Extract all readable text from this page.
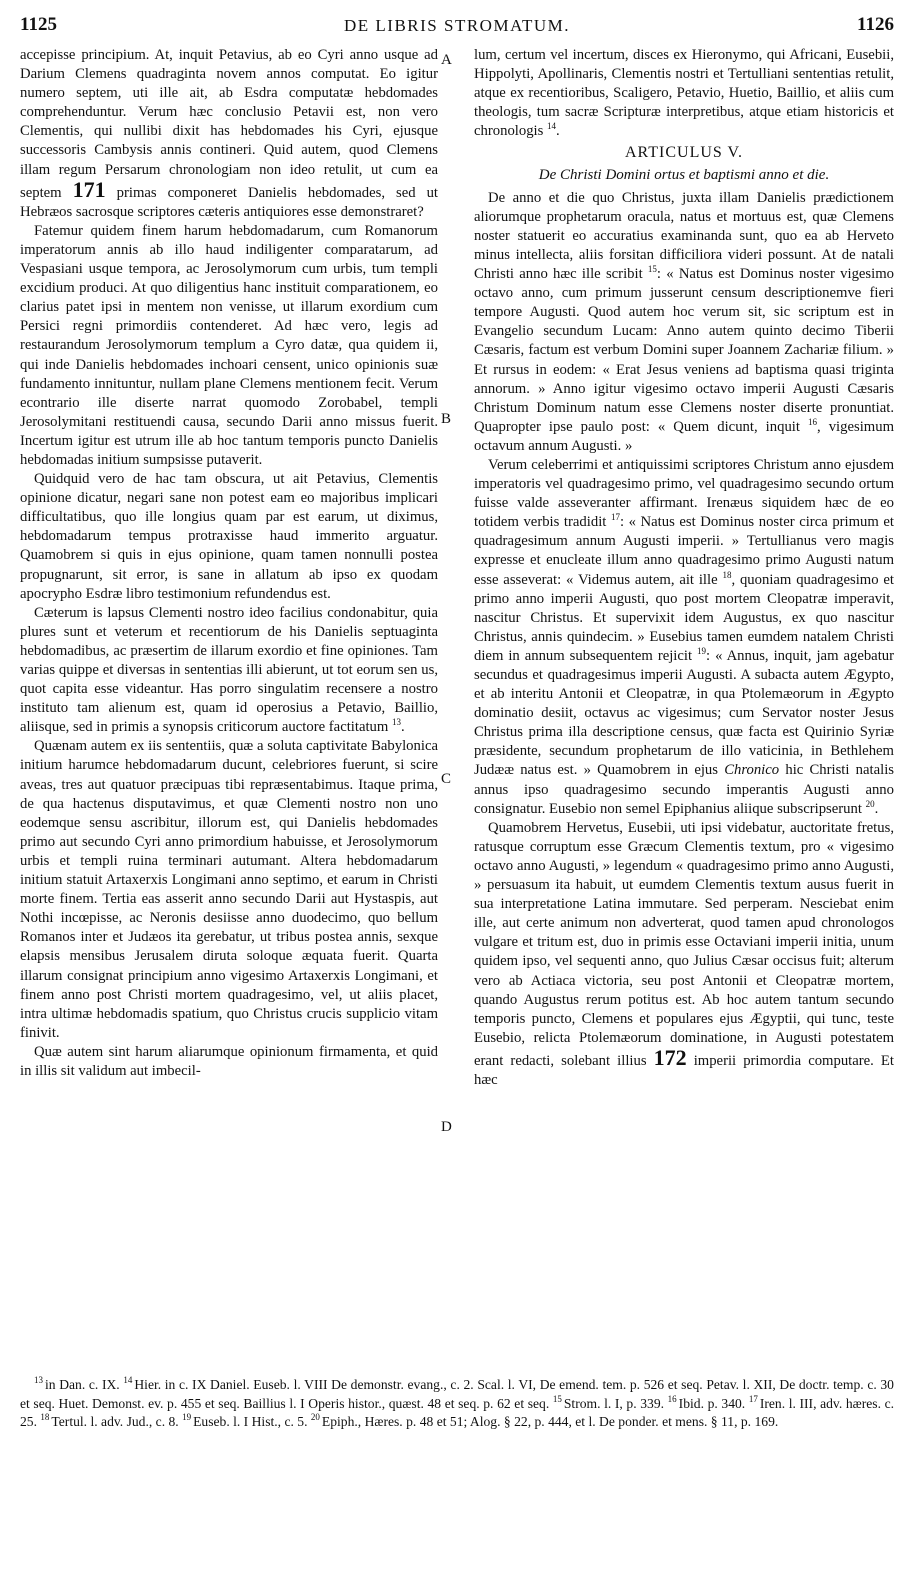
1125	DE LIBRIS STROMATUM.	1126
A
B
C
D

accepisse principium. At, inquit Petavius, ab eo Cyri anno usque ad Darium Clemens quadraginta novem annos computat. Eo igitur numero septem, uti ille ait, ab Esdra computatæ hebdomades comprehenduntur. Verum hæc conclusio Petavii est, non vero Clementis, qui nullibi dixit has hebdomades his Cyri, ejusque successoris Cambysis annis contineri. Quid autem, quod Clemens illam regum Persarum chronologiam non ideo retulit, ut cum ea septem 171 primas componeret Danielis hebdomades, sed ut Hebræos sacrosque scriptores cæteris antiquiores esse demonstraret?

Fatemur quidem finem harum hebdomadarum, cum Romanorum imperatorum annis ab illo haud indiligenter comparatarum, ad Vespasiani usque tempora, ac Jerosolymorum cum urbis, tum templi excidium produci. At quo diligentius hanc instituit comparationem, eo clarius patet ipsi in mentem non venisse, ut illarum exordium cum Persici regni primordiis contenderet. Ad hæc vero, legis ad restaurandum Jerosolymorum templum a Cyro datæ, qua quidem ii, qui inde Danielis hebdomades inchoari censent, unico opinionis suæ fundamento innituntur, nullam plane Clemens mentionem fecit. Verum econtrario ille diserte narrat quomodo Zorobabel, templi Jerosolymitani restituendi causa, secundo Darii anno missus fuerit. Incertum igitur est utrum ille ab hoc tantum temporis puncto Danielis hebdomadas initium sumpsisse putaverit.

Quidquid vero de hac tam obscura, ut ait Petavius, Clementis opinione dicatur, negari sane non potest eam eo majoribus implicari difficultatibus, quo ille longius quam par est earum, ut diximus, hebdomadarum tempus protraxisse haud immerito arguatur. Quamobrem si quis in ejus opinione, quam tamen nonnulli postea propugnarunt, sit error, is sane in allatum ab ipso ex quodam apocrypho Esdræ libro testimonium refundendus est.

Cæterum is lapsus Clementi nostro ideo facilius condonabitur, quia plures sunt et veterum et recentiorum de his Danielis septuaginta hebdomadibus, ac præsertim de illarum exordio et fine opiniones. Tam varias quippe et diversas in sententias illi abierunt, ut tot eorum sen us, quot capita esse videantur. Has porro singulatim recensere a nostro instituto tam alienum est, quam id operosius a Petavio, Baillio, aliisque, sed in primis a synopsis criticorum auctore factitatum $^{13}$.

Quænam autem ex iis sententiis, quæ a soluta captivitate Babylonica initium harumce hebdomadarum ducunt, celebriores fuerunt, si scire aveas, tres aut quatuor præcipuas tibi repræsentabimus. Itaque prima, de qua hactenus disputavimus, et quæ Clementi nostro non uno eodemque sensu ascribitur, illorum est, qui Danielis hebdomades primo aut secundo Cyri anno primordium habuisse, et Jerosolymorum urbis et templi ruina terminari autumant. Altera hebdomadarum initium statuit Artaxerxis Longimani anno septimo, et earum in Christi morte finem. Tertia eas asserit anno secundo Darii aut Hystaspis, aut Nothi incœpisse, ac Neronis desiisse anno duodecimo, quo bellum Romanos inter et Judæos ita gerebatur, ut tribus postea annis, sexque elapsis mensibus Jerusalem diruta soloque æquata fuerit. Quarta illarum consignat principium anno vigesimo Artaxerxis Longimani, et finem anno post Christi mortem quadragesimo, vel, ut aliis placet, intra ultimæ hebdomadis spatium, quo Christus crucis supplicio vitam finivit.

Quæ autem sint harum aliarumque opinionum firmamenta, et quid in illis sit validum aut imbecil-

lum, certum vel incertum, disces ex Hieronymo, qui Africani, Eusebii, Hippolyti, Apollinaris, Clementis nostri et Tertulliani sententias retulit, atque ex recentioribus, Scaligero, Petavio, Huetio, Baillio, et aliis cum theologis, tum sacræ Scripturæ interpretibus, atque etiam historicis et chronologis $^{14}$.

ARTICULUS V.
De Christi Domini ortus et baptismi anno et die.

De anno et die quo Christus, juxta illam Danielis prædictionem aliorumque prophetarum oracula, natus et mortuus est, quæ Clemens noster statuerit eo accuratius examinanda sunt, quo ea ab Herveto minus intellecta, aliis forsitan difficiliora videri possunt. At de natali Christi anno hæc ille scribit $^{15}$: « Natus est Dominus noster vigesimo octavo anno, cum primum jusserunt censum descriptionemve fieri tempore Augusti. Quod autem hoc verum sit, sic scriptum est in Evangelio secundum Lucam: Anno autem quinto decimo Tiberii Cæsaris, factum est verbum Domini super Joannem Zachariæ filium. » Et rursus in eodem: « Erat Jesus veniens ad baptisma quasi triginta annorum. » Anno igitur vigesimo octavo imperii Augusti Cæsaris Christum Dominum natum esse Clemens noster diserte pronuntiat. Quapropter ipse paulo post: « Quem dicunt, inquit $^{16}$, vigesimum octavum annum Augusti. »

Verum celeberrimi et antiquissimi scriptores Christum anno ejusdem imperatoris vel quadragesimo primo, vel quadragesimo secundo ortum fuisse valde asseveranter affirmant. Irenæus siquidem hæc de eo totidem verbis tradidit $^{17}$: « Natus est Dominus noster circa primum et quadragesimum annum Augusti imperii. » Tertullianus vero magis expresse et enucleate illum anno quadragesimo primo Augusti natum esse asseverat: « Videmus autem, ait ille $^{18}$, quoniam quadragesimo et primo anno imperii Augusti, quo post mortem Cleopatræ imperavit, nascitur Christus. Et supervixit idem Augustus, ex quo nascitur Christus, annis quindecim. » Eusebius tamen eumdem natalem Christi diem in annum subsequentem rejicit $^{19}$: « Annus, inquit, jam agebatur secundus et quadragesimus imperii Augusti. A subacta autem Ægypto, et ab interitu Antonii et Cleopatræ, in qua Ptolemæorum in Ægypto dominatio desiit, octavus ac vigesimus; cum Servator noster Jesus Christus prima illa descriptione census, quæ facta est Quirinio Syriæ præsidente, secundum prophetarum de illo vaticinia, in Bethlehem Judææ natus est. » Quamobrem in ejus Chronico hic Christi natalis annus ipso quadragesimo secundo imperantis Augusti anno consignatur. Eusebio non semel Epiphanius aliique subscripserunt $^{20}$.

Quamobrem Hervetus, Eusebii, uti ipsi videbatur, auctoritate fretus, ratusque corruptum esse Græcum Clementis textum, pro « vigesimo octavo anno Augusti, » legendum « quadragesimo primo anno Augusti, » persuasum ita habuit, ut eumdem Clementis textum ausus fuerit in sua interpretatione Latina immutare. Sed perperam. Nesciebat enim ille, aut certe animum non adverterat, quod tamen apud chronologos vulgare et tritum est, duo in primis esse Octaviani imperii initia, unum quidem ipso, vel sequenti anno, quo Julius Cæsar occisus fuit; alterum vero ab Actiaca victoria, seu post Antonii et Cleopatræ mortem, quando Augustus rerum potitus est. Ab hoc autem tantum secundo temporis puncto, Clemens et populares ejus Ægyptii, qui tunc, teste Eusebio, relicta Ptolemæorum dominatione, in Augusti potestatem erant redacti, solebant illius 172 imperii primordia computare. Et hæc

$^{13}$ in Dan. c. IX. $^{14}$ Hier. in c. IX Daniel. Euseb. l. VIII De demonstr. evang., c. 2. Scal. l. VI, De emend. tem. p. 526 et seq. Petav. l. XII, De doctr. temp. c. 30 et seq. Huet. Demonst. ev. p. 455 et seq. Baillius l. I Operis histor., quæst. 48 et seq. p. 62 et seq. $^{15}$ Strom. l. I, p. 339. $^{16}$ Ibid. p. 340. $^{17}$ Iren. l. III, adv. hæres. c. 25. $^{18}$ Tertul. l. adv. Jud., c. 8. $^{19}$ Euseb. l. I Hist., c. 5. $^{20}$ Epiph., Hæres. p. 48 et 51; Alog. § 22, p. 444, et l. De ponder. et mens. § 11, p. 169.
